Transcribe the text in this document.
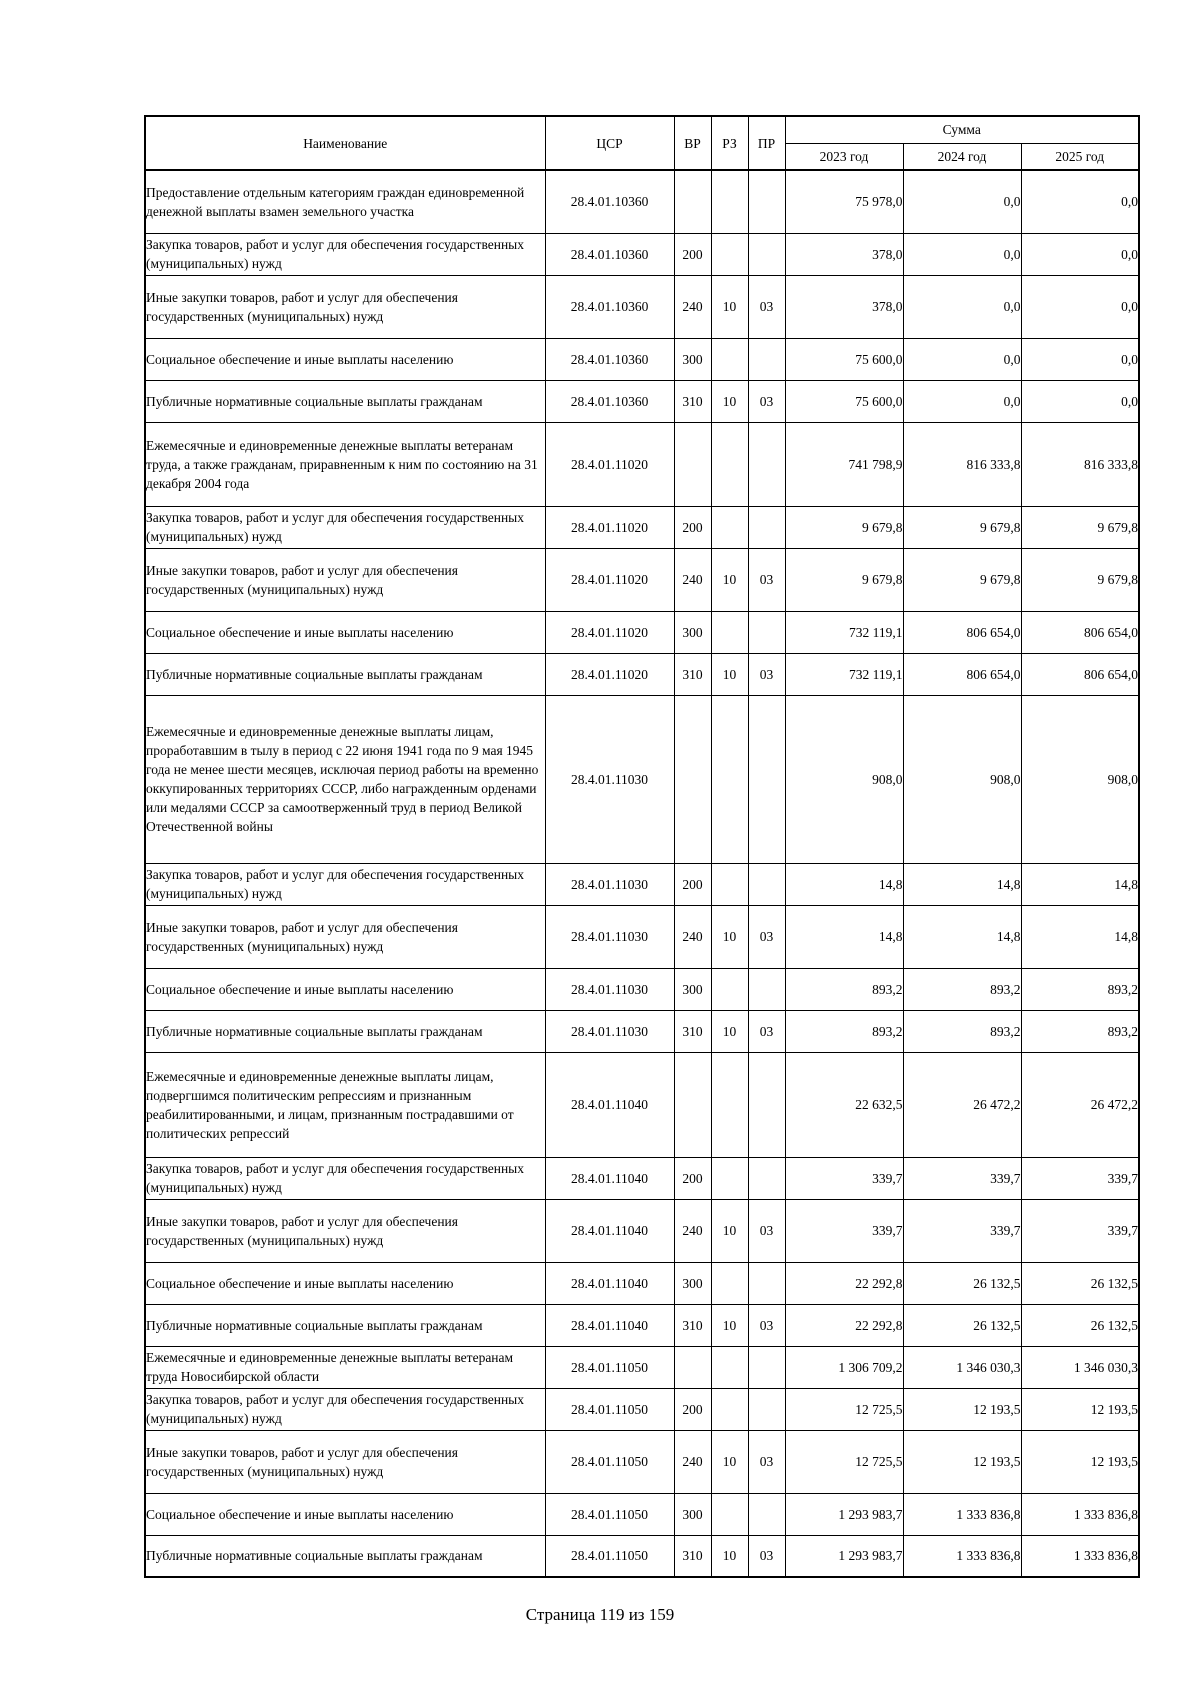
Наименование	ЦСР	ВР	РЗ	ПР	Сумма		
					2023 год	2024 год	2025 год
Предоставление отдельным категориям граждан единовременной денежной выплаты взамен земельного участка	28.4.01.10360				75 978,0	0,0	0,0
Закупка товаров, работ и услуг для обеспечения государственных (муниципальных) нужд	28.4.01.10360	200			378,0	0,0	0,0
Иные закупки товаров, работ и услуг для обеспечения государственных (муниципальных) нужд	28.4.01.10360	240	10	03	378,0	0,0	0,0
Социальное обеспечение и иные выплаты населению	28.4.01.10360	300			75 600,0	0,0	0,0
Публичные нормативные социальные выплаты гражданам	28.4.01.10360	310	10	03	75 600,0	0,0	0,0
Ежемесячные и единовременные денежные выплаты ветеранам труда, а также гражданам, приравненным к ним по состоянию на 31 декабря 2004 года	28.4.01.11020				741 798,9	816 333,8	816 333,8
Закупка товаров, работ и услуг для обеспечения государственных (муниципальных) нужд	28.4.01.11020	200			9 679,8	9 679,8	9 679,8
Иные закупки товаров, работ и услуг для обеспечения государственных (муниципальных) нужд	28.4.01.11020	240	10	03	9 679,8	9 679,8	9 679,8
Социальное обеспечение и иные выплаты населению	28.4.01.11020	300			732 119,1	806 654,0	806 654,0
Публичные нормативные социальные выплаты гражданам	28.4.01.11020	310	10	03	732 119,1	806 654,0	806 654,0
Ежемесячные и единовременные денежные выплаты лицам, проработавшим в тылу в период с 22 июня 1941 года по 9 мая 1945 года не менее шести месяцев, исключая период работы на временно оккупированных территориях СССР, либо награжденным орденами или медалями СССР за самоотверженный труд в период Великой Отечественной войны	28.4.01.11030				908,0	908,0	908,0
Закупка товаров, работ и услуг для обеспечения государственных (муниципальных) нужд	28.4.01.11030	200			14,8	14,8	14,8
Иные закупки товаров, работ и услуг для обеспечения государственных (муниципальных) нужд	28.4.01.11030	240	10	03	14,8	14,8	14,8
Социальное обеспечение и иные выплаты населению	28.4.01.11030	300			893,2	893,2	893,2
Публичные нормативные социальные выплаты гражданам	28.4.01.11030	310	10	03	893,2	893,2	893,2
Ежемесячные и единовременные денежные выплаты лицам, подвергшимся политическим репрессиям и признанным реабилитированными, и лицам, признанным пострадавшими от политических репрессий	28.4.01.11040				22 632,5	26 472,2	26 472,2
Закупка товаров, работ и услуг для обеспечения государственных (муниципальных) нужд	28.4.01.11040	200			339,7	339,7	339,7
Иные закупки товаров, работ и услуг для обеспечения государственных (муниципальных) нужд	28.4.01.11040	240	10	03	339,7	339,7	339,7
Социальное обеспечение и иные выплаты населению	28.4.01.11040	300			22 292,8	26 132,5	26 132,5
Публичные нормативные социальные выплаты гражданам	28.4.01.11040	310	10	03	22 292,8	26 132,5	26 132,5
Ежемесячные и единовременные денежные выплаты ветеранам труда Новосибирской области	28.4.01.11050				1 306 709,2	1 346 030,3	1 346 030,3
Закупка товаров, работ и услуг для обеспечения государственных (муниципальных) нужд	28.4.01.11050	200			12 725,5	12 193,5	12 193,5
Иные закупки товаров, работ и услуг для обеспечения государственных (муниципальных) нужд	28.4.01.11050	240	10	03	12 725,5	12 193,5	12 193,5
Социальное обеспечение и иные выплаты населению	28.4.01.11050	300			1 293 983,7	1 333 836,8	1 333 836,8
Публичные нормативные социальные выплаты гражданам	28.4.01.11050	310	10	03	1 293 983,7	1 333 836,8	1 333 836,8
Страница 119 из 159
